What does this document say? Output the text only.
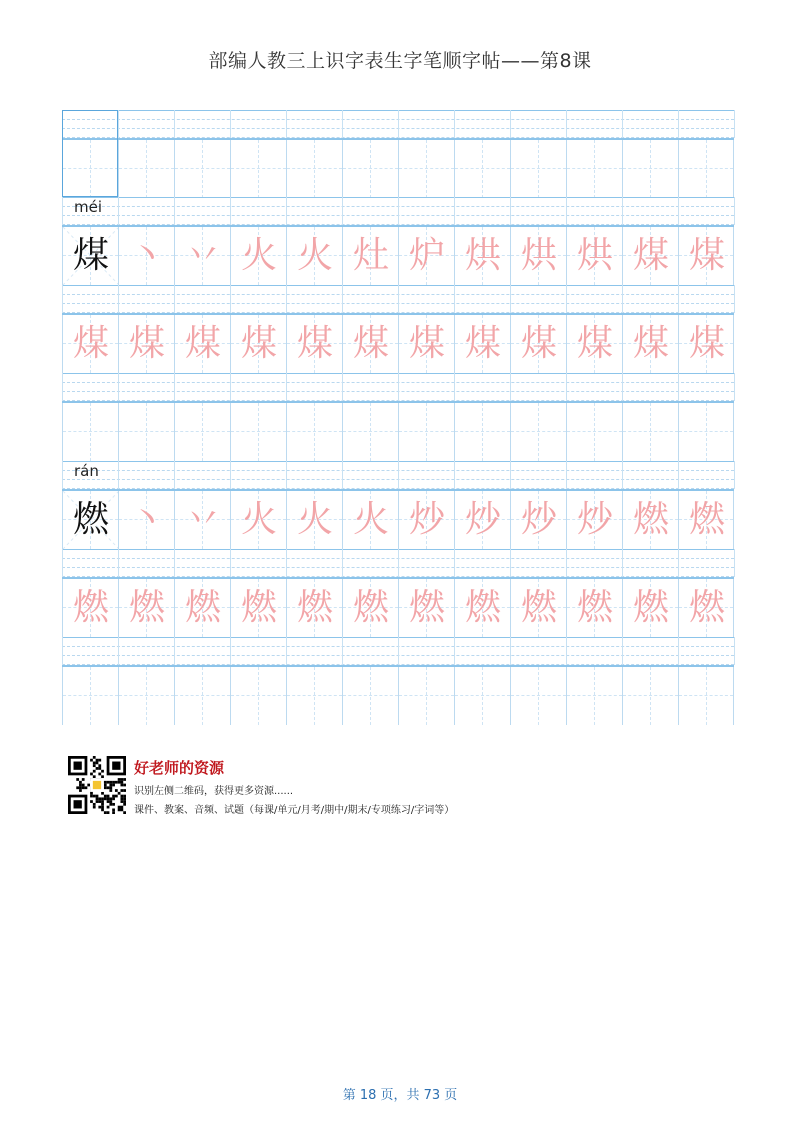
部编人教三上识字表生字笔顺字帖——第8课
méi
煤 丶 丷 火 火 灶 炉 烘 烘 烘 煤 煤
煤 煤 煤 煤 煤 煤 煤 煤 煤 煤 煤 煤
rán
燃 丶 丷 火 火 火 炒 炒 炒 炒 燃 燃
燃 燃 燃 燃 燃 燃 燃 燃 燃 燃 燃 燃
好老师的资源
识别左侧二维码，获得更多资源......
课件、教案、音频、试题（每课/单元/月考/期中/期末/专项练习/字词等）
第 18 页，共 73 页
